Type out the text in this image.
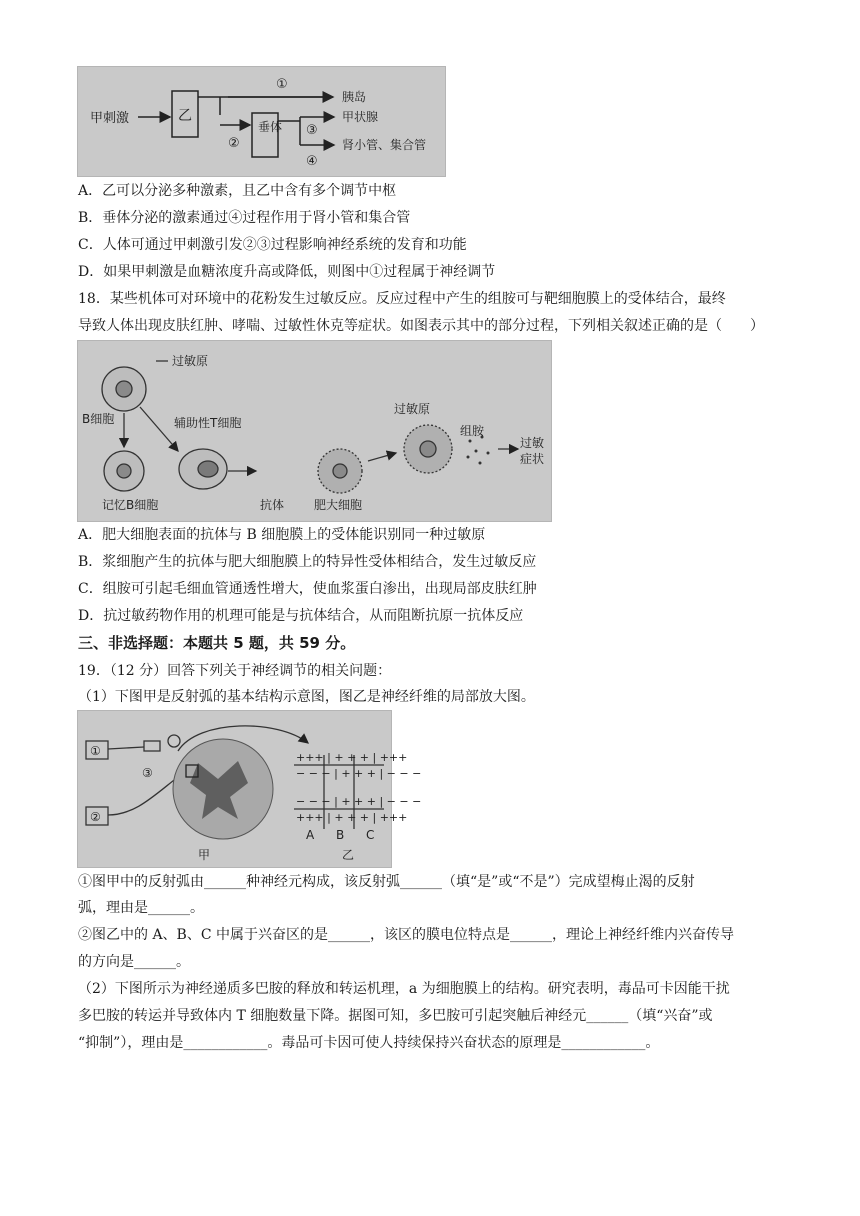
甲刺激	乙
垂体
①
②
③
④
胰岛
甲状腺
肾小管、集合管
A．乙可以分泌多种激素，且乙中含有多个调节中枢
B．垂体分泌的激素通过④过程作用于肾小管和集合管
C．人体可通过甲刺激引发②③过程影响神经系统的发育和功能
D．如果甲刺激是血糖浓度升高或降低，则图中①过程属于神经调节
18．某些机体可对环境中的花粉发生过敏反应。反应过程中产生的组胺可与靶细胞膜上的受体结合，最终
导致人体出现皮肤红肿、哮喘、过敏性休克等症状。如图表示其中的部分过程，下列相关叙述正确的是（　　）
过敏原
B细胞	辅助性T细胞
记忆B细胞	抗体 肥大细胞
过敏原
组胺
过敏
症状
A．肥大细胞表面的抗体与 B 细胞膜上的受体能识别同一种过敏原
B．浆细胞产生的抗体与肥大细胞膜上的特异性受体相结合，发生过敏反应
C．组胺可引起毛细血管通透性增大，使血浆蛋白渗出，出现局部皮肤红肿
D．抗过敏药物作用的机理可能是与抗体结合，从而阻断抗原一抗体反应
三、非选择题：本题共 5 题，共 59 分。
19．（12 分）回答下列关于神经调节的相关问题：
（1）下图甲是反射弧的基本结构示意图，图乙是神经纤维的局部放大图。
①
②
③
+++ | + + + | +++
− − − | + + + | − − −
− − − | + + + | − − −
+++ | + + + | +++
A B C
甲	乙
①图甲中的反射弧由______种神经元构成，该反射弧______（填“是”或“不是”）完成望梅止渴的反射
弧，理由是______。
②图乙中的 A、B、C 中属于兴奋区的是______，该区的膜电位特点是______，理论上神经纤维内兴奋传导
的方向是______。
（2）下图所示为神经递质多巴胺的释放和转运机理，a 为细胞膜上的结构。研究表明，毒品可卡因能干扰
多巴胺的转运并导致体内 T 细胞数量下降。据图可知，多巴胺可引起突触后神经元______（填“兴奋”或
“抑制”），理由是____________。毒品可卡因可使人持续保持兴奋状态的原理是____________。
